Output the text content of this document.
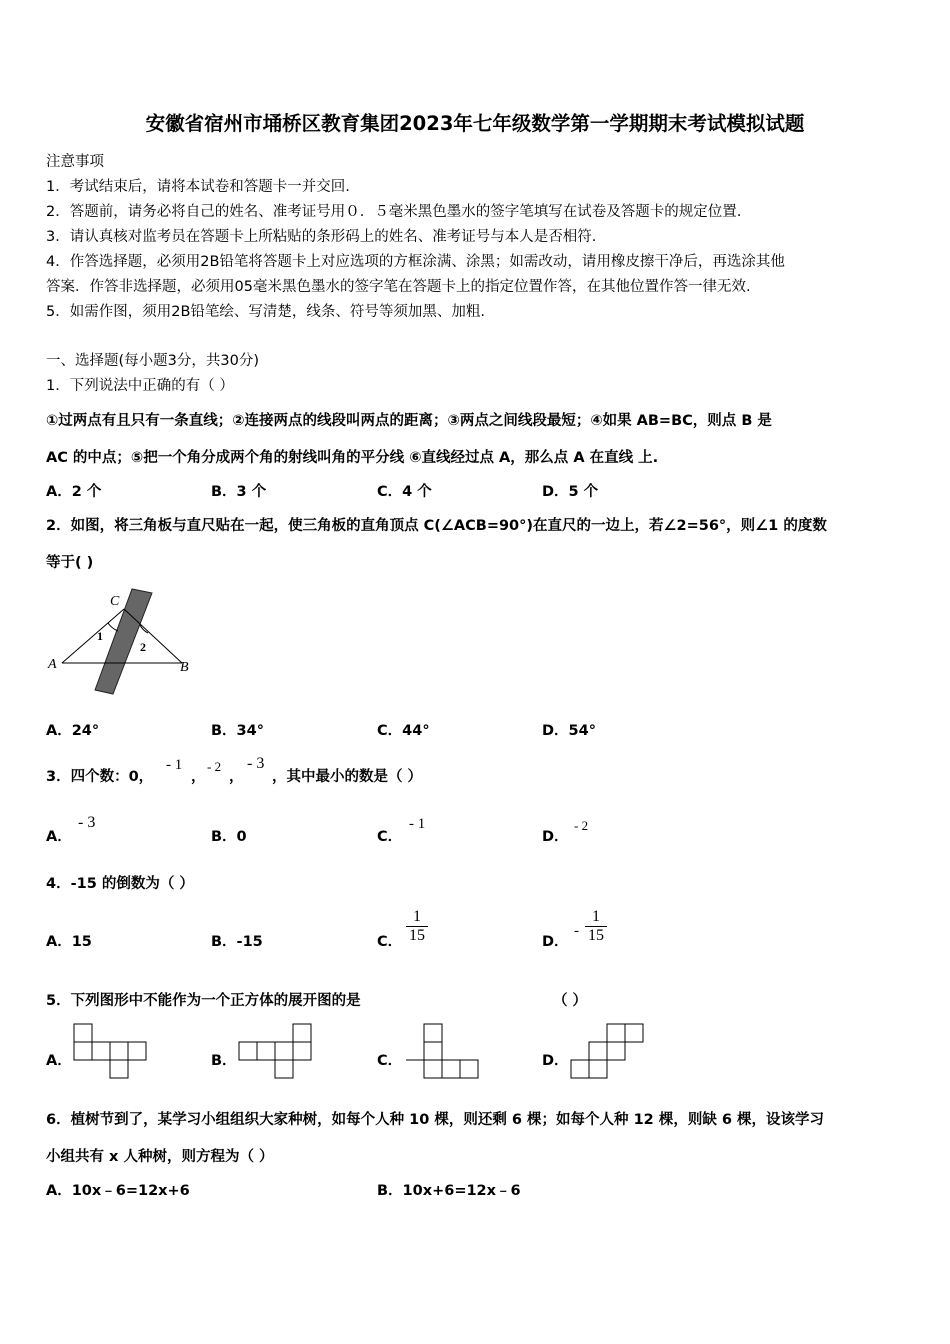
安徽省宿州市埇桥区教育集团2023年七年级数学第一学期期末考试模拟试题
注意事项
1．考试结束后，请将本试卷和答题卡一并交回.
2．答题前，请务必将自己的姓名、准考证号用０．５毫米黑色墨水的签字笔填写在试卷及答题卡的规定位置.
3．请认真核对监考员在答题卡上所粘贴的条形码上的姓名、准考证号与本人是否相符.
4．作答选择题，必须用2B铅笔将答题卡上对应选项的方框涂满、涂黑；如需改动，请用橡皮擦干净后，再选涂其他
答案．作答非选择题，必须用05毫米黑色墨水的签字笔在答题卡上的指定位置作答，在其他位置作答一律无效.
5．如需作图，须用2B铅笔绘、写清楚，线条、符号等须加黑、加粗.
一、选择题(每小题3分，共30分)
1．下列说法中正确的有（ ）
①过两点有且只有一条直线；②连接两点的线段叫两点的距离；③两点之间线段最短；④如果 AB=BC，则点 B 是
AC 的中点；⑤把一个角分成两个角的射线叫角的平分线 ⑥直线经过点 A，那么点 A 在直线 上.
A．2 个	B．3 个	C．4 个	D．5 个
2．如图，将三角板与直尺贴在一起，使三角板的直角顶点 C(∠ACB=90°)在直尺的一边上，若∠2=56°，则∠1 的度数
等于( )
C
A	B
1
2
A．24°	B．34°	C．44°	D．54°
3．四个数：0，
- 1
，
- 2
，
- 3
，其中最小的数是（ ）
A．
- 3
B．0	C．
- 1
D．
- 2
4．-15 的倒数为（ ）
A．15	B．-15	C．
1
15	D．
-
1
15
5．下列图形中不能作为一个正方体的展开图的是	（ ）
A．	B．	C．	D．
6．植树节到了，某学习小组组织大家种树，如每个人种 10 棵，则还剩 6 棵；如每个人种 12 棵，则缺 6 棵，设该学习
小组共有 x 人种树，则方程为（ ）
A．10x﹣6=12x+6	B．10x+6=12x﹣6
